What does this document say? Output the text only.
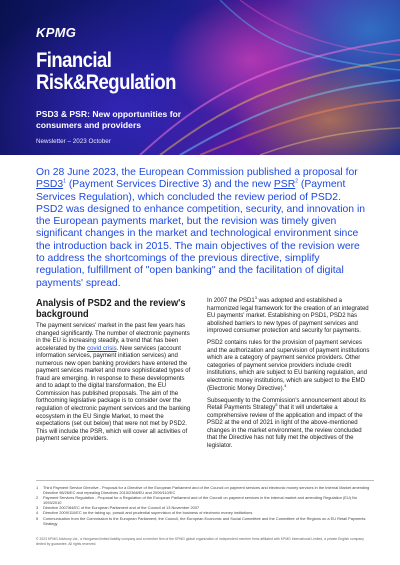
KPMG
Financial
Risk&Regulation
PSD3 & PSR: New opportunities for consumers and providers
Newsletter – 2023 October
On 28 June 2023, the European Commission published a proposal for $PSD3^1$ (Payment Services Directive 3) and the new PSR$^2$ (Payment Services Regulation), which concluded the review period of PSD2. PSD2 was designed to enhance competition, security, and innovation in the European payments market, but the revision was timely given significant changes in the market and technological environment since the introduction back in 2015. The main objectives of the revision were to address the shortcomings of the previous directive, simplify regulation, fulfillment of "open banking" and the facilitation of digital payments' spread.
Analysis of PSD2 and the review's background

The payment services' market in the past few years has changed significantly. The number of electronic payments in the EU is increasing steadily, a trend that has been accelerated by the covid crisis. New services (account information services, payment initiation services) and numerous new open banking providers have entered the payment services market and more sophisticated types of fraud are emerging. In response to these developments and to adapt to the digital transformation, the EU Commission has published proposals. The aim of the forthcoming legislative package is to consider over the regulation of electronic payment services and the banking ecosystem in the EU Single Market, to meet the expectations (set out below) that were not met by PSD2. This will include the PSR, which will cover all activities of payment service providers.

In 2007 the $PSD1^3$ was adopted and established a harmonized legal framework for the creation of an integrated EU payments' market. Establishing on PSD1, PSD2 has abolished barriers to new types of payment services and improved consumer protection and security for payments.

PSD2 contains rules for the provision of payment services and the authorization and supervision of payment institutions which are a category of payment service providers. Other categories of payment service providers include credit institutions, which are subject to EU banking regulation, and electronic money institutions, which are subject to the EMD (Electronic Money Directive).$^4$

Subsequently to the Commission's announcement about its Retail Payments Strategy$^5$ that it will undertake a comprehensive review of the application and impact of the PSD2 at the end of 2021 in light of the above-mentioned changes in the market environment, the review concluded that the Directive has not fully met the objectives of the legislator.

1	Third Payment Service Directive - Proposal for a Directive of the European Parliament and of the Council on payment services and electronic money services in the Internal Market amending Directive 98/26/EC and repealing Directives 2015/2366/EU and 2009/110/EC
2	Payment Services Regulation - Proposal for a Regulation of the European Parliament and of the Council on payment services in the internal market and amending Regulation (EU) No 1093/2010
3	Directive 2007/64/EC of the European Parliament and of the Council of 13 November 2007
4	Directive 2009/110/EC on the taking up, pursuit and prudential supervision of the business of electronic money institutions
5	Communication from the Commission to the European Parliament, the Council, the European Economic and Social Committee and the Committee of the Regions on a EU Retail Payments Strategy
© 2023 KPMG Advisory Ltd., a Hungarian limited liability company and a member firm of the KPMG global organization of independent member firms affiliated with KPMG International Limited, a private English company limited by guarantee. All rights reserved.
